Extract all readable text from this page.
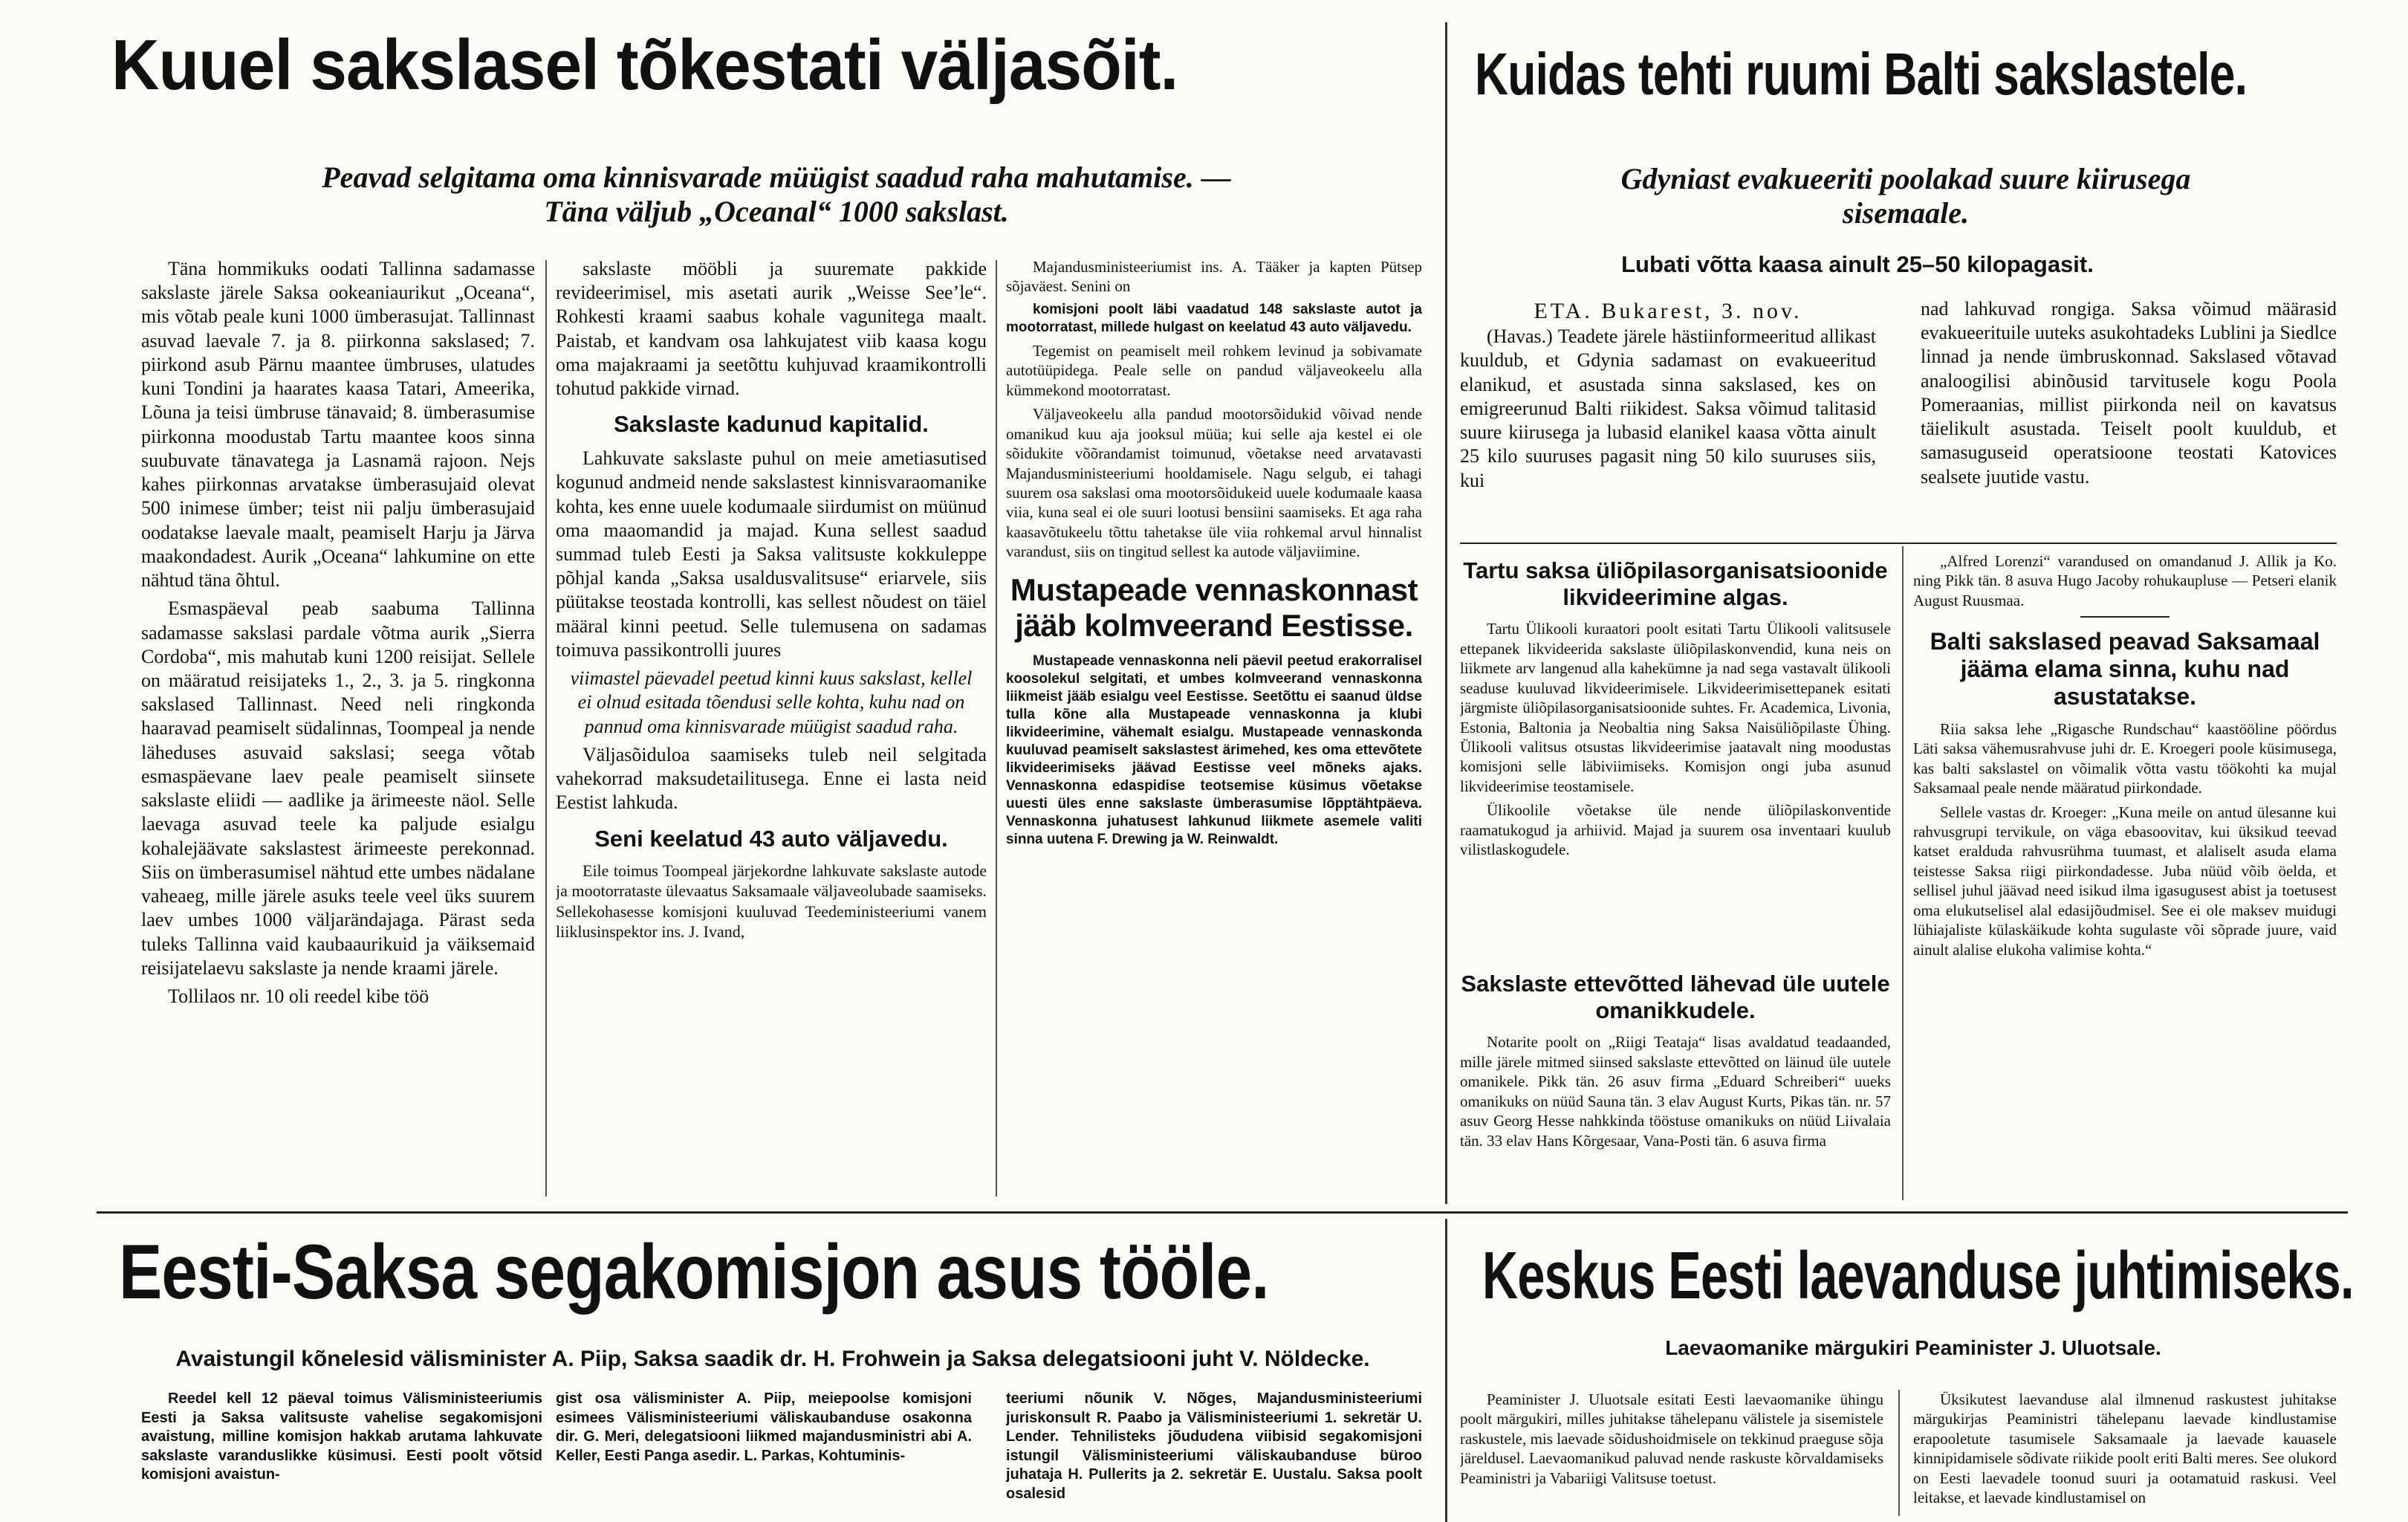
Kuuel sakslasel tõkestati väljasõit.
Peavad selgitama oma kinnisvarade müügist saadud raha mahutamise. —
Täna väljub „Oceanal“ 1000 sakslast.

Täna hommikuks oodati Tallinna sadamasse sakslaste järele Saksa ookeaniaurikut „Oceana“, mis võtab peale kuni 1000 ümberasujat. Tallinnast asuvad laevale 7. ja 8. piirkonna sakslased; 7. piirkond asub Pärnu maantee ümbruses, ulatudes kuni Tondini ja haarates kaasa Tatari, Ameerika, Lõuna ja teisi ümbruse tänavaid; 8. ümberasumise piirkonna moodustab Tartu maantee koos sinna suubuvate tänavatega ja Lasnamä rajoon. Nejs kahes piirkonnas arvatakse ümberasujaid olevat 500 inimese ümber; teist nii palju ümberasujaid oodatakse laevale maalt, peamiselt Harju ja Järva maakondadest. Aurik „Oceana“ lahkumine on ette nähtud täna õhtul.

Esmaspäeval peab saabuma Tallinna sadamasse sakslasi pardale võtma aurik „Sierra Cordoba“, mis mahutab kuni 1200 reisijat. Sellele on määratud reisijateks 1., 2., 3. ja 5. ringkonna sakslased Tallinnast. Need neli ringkonda haaravad peamiselt südalinnas, Toompeal ja nende läheduses asuvaid sakslasi; seega võtab esmaspäevane laev peale peamiselt siinsete sakslaste eliidi — aadlike ja ärimeeste näol. Selle laevaga asuvad teele ka paljude esialgu kohalejäävate sakslastest ärimeeste perekonnad. Siis on ümberasumisel nähtud ette umbes nädalane vaheaeg, mille järele asuks teele veel üks suurem laev umbes 1000 väljarändajaga. Pärast seda tuleks Tallinna vaid kaubaaurikuid ja väiksemaid reisijatelaevu sakslaste ja nende kraami järele.

Tollilaos nr. 10 oli reedel kibe töö

sakslaste mööbli ja suuremate pakkide revideerimisel, mis asetati aurik „Weisse See’le“. Rohkesti kraami saabus kohale vagunitega maalt. Paistab, et kandvam osa lahkujatest viib kaasa kogu oma majakraami ja seetõttu kuhjuvad kraamikontrolli tohutud pakkide virnad.

Sakslaste kadunud kapitalid.

Lahkuvate sakslaste puhul on meie ametiasutised kogunud andmeid nende sakslastest kinnisvaraomanike kohta, kes enne uuele kodumaale siirdumist on müünud oma maaomandid ja majad. Kuna sellest saadud summad tuleb Eesti ja Saksa valitsuste kokkuleppe põhjal kanda „Saksa usaldusvalitsuse“ eriarvele, siis püütakse teostada kontrolli, kas sellest nõudest on täiel määral kinni peetud. Selle tulemusena on sadamas toimuva passikontrolli juures

viimastel päevadel peetud kinni kuus sakslast, kellel ei olnud esitada tõendusi selle kohta, kuhu nad on pannud oma kinnisvarade müügist saadud raha.

Väljasõiduloa saamiseks tuleb neil selgitada vahekorrad maksudetailitusega. Enne ei lasta neid Eestist lahkuda.

Seni keelatud 43 auto väljavedu.

Eile toimus Toompeal järjekordne lahkuvate sakslaste autode ja mootorrataste ülevaatus Saksamaale väljaveolubade saamiseks. Sellekohasesse komisjoni kuuluvad Teedeministeeriumi vanem liiklusinspektor ins. J. Ivand,

Majandusministeeriumist ins. A. Tääker ja kapten Pütsep sõjaväest. Senini on

komisjoni poolt läbi vaadatud 148 sakslaste autot ja mootorratast, millede hulgast on keelatud 43 auto väljavedu.

Tegemist on peamiselt meil rohkem levinud ja sobivamate autotüüpidega. Peale selle on pandud väljaveokeelu alla kümmekond mootorratast.

Väljaveokeelu alla pandud mootorsõidukid võivad nende omanikud kuu aja jooksul müüa; kui selle aja kestel ei ole sõidukite võõrandamist toimunud, võetakse need arvatavasti Majandusministeeriumi hooldamisele. Nagu selgub, ei tahagi suurem osa sakslasi oma mootorsõidukeid uuele kodumaale kaasa viia, kuna seal ei ole suuri lootusi bensiini saamiseks. Et aga raha kaasavõtukeelu tõttu tahetakse üle viia rohkemal arvul hinnalist varandust, siis on tingitud sellest ka autode väljaviimine.

Mustapeade vennaskonnast jääb kolmveerand Eestisse.

Mustapeade vennaskonna neli päevil peetud erakorralisel koosolekul selgitati, et umbes kolmveerand vennaskonna liikmeist jääb esialgu veel Eestisse. Seetõttu ei saanud üldse tulla kõne alla Mustapeade vennaskonna ja klubi likvideerimine, vähemalt esialgu. Mustapeade vennaskonda kuuluvad peamiselt sakslastest ärimehed, kes oma ettevõtete likvideerimiseks jäävad Eestisse veel mõneks ajaks. Vennaskonna edaspidise teotsemise küsimus võetakse uuesti üles enne sakslaste ümberasumise lõpptähtpäeva. Vennaskonna juhatusest lahkunud liikmete asemele valiti sinna uutena F. Drewing ja W. Reinwaldt.

Kuidas tehti ruumi Balti sakslastele.
Gdyniast evakueeriti poolakad suure kiirusega
sisemaale.
Lubati võtta kaasa ainult 25–50 kilopagasit.
ETA. Bukarest, 3. nov.

(Havas.) Teadete järele hästiinformeeritud allikast kuuldub, et Gdynia sadamast on evakueeritud elanikud, et asustada sinna sakslased, kes on emigreerunud Balti riikidest. Saksa võimud talitasid suure kiirusega ja lubasid elanikel kaasa võtta ainult 25 kilo suuruses pagasit ning 50 kilo suuruses siis, kui

nad lahkuvad rongiga. Saksa võimud määrasid evakueerituile uuteks asukohtadeks Lublini ja Siedlce linnad ja nende ümbruskonnad. Sakslased võtavad analoogilisi abinõusid tarvitusele kogu Poola Pomeraanias, millist piirkonda neil on kavatsus täielikult asustada. Teiselt poolt kuuldub, et samasuguseid operatsioone teostati Katovices sealsete juutide vastu.

Tartu saksa üliõpilasorganisatsioonide likvideerimine algas.

Tartu Ülikooli kuraatori poolt esitati Tartu Ülikooli valitsusele ettepanek likvideerida sakslaste üliõpilaskonvendid, kuna neis on liikmete arv langenud alla kahekümne ja nad sega vastavalt ülikooli seaduse kuuluvad likvideerimisele. Likvideerimisettepanek esitati järgmiste üliõpilasorganisatsioonide suhtes. Fr. Academica, Livonia, Estonia, Baltonia ja Neobaltia ning Saksa Naisüliõpilaste Ühing. Ülikooli valitsus otsustas likvideerimise jaatavalt ning moodustas komisjoni selle läbiviimiseks. Komisjon ongi juba asunud likvideerimise teostamisele.

Ülikoolile võetakse üle nende üliõpilaskonventide raamatukogud ja arhiivid. Majad ja suurem osa inventaari kuulub vilistlaskogudele.

Sakslaste ettevõtted lähevad üle uutele omanikkudele.

Notarite poolt on „Riigi Teataja“ lisas avaldatud teadaanded, mille järele mitmed siinsed sakslaste ettevõtted on läinud üle uutele omanikele. Pikk tän. 26 asuv firma „Eduard Schreiberi“ uueks omanikuks on nüüd Sauna tän. 3 elav August Kurts, Pikas tän. nr. 57 asuv Georg Hesse nahkkinda tööstuse omanikuks on nüüd Liivalaia tän. 33 elav Hans Kõrgesaar, Vana-Posti tän. 6 asuva firma

„Alfred Lorenzi“ varandused on omandanud J. Allik ja Ko. ning Pikk tän. 8 asuva Hugo Jacoby rohukaupluse — Petseri elanik August Ruusmaa.

Balti sakslased peavad Saksamaal jääma elama sinna, kuhu nad asustatakse.

Riia saksa lehe „Rigasche Rundschau“ kaastööline pöördus Läti saksa vähemusrahvuse juhi dr. E. Kroegeri poole küsimusega, kas balti sakslastel on võimalik võtta vastu töökohti ka mujal Saksamaal peale nende määratud piirkondade.

Sellele vastas dr. Kroeger: „Kuna meile on antud ülesanne kui rahvusgrupi tervikule, on väga ebasoovitav, kui üksikud teevad katset eralduda rahvusrühma tuumast, et alaliselt asuda elama teistesse Saksa riigi piirkondadesse. Juba nüüd võib öelda, et sellisel juhul jäävad need isikud ilma igasugusest abist ja toetusest oma elukutselisel alal edasijõudmisel. See ei ole maksev muidugi lühiajaliste külaskäikude kohta sugulaste või sõprade juure, vaid ainult alalise elukoha valimise kohta.“

Eesti-Saksa segakomisjon asus tööle.
Avaistungil kõnelesid välisminister A. Piip, Saksa saadik dr. H. Frohwein ja Saksa delegatsiooni juht V. Nöldecke.

Reedel kell 12 päeval toimus Välisministeeriumis Eesti ja Saksa valitsuste vahelise segakomisjoni avaistung, milline komisjon hakkab arutama lahkuvate sakslaste varanduslikke küsimusi. Eesti poolt võtsid komisjoni avaistun-

gist osa välisminister A. Piip, meiepoolse komisjoni esimees Välisministeeriumi väliskaubanduse osakonna dir. G. Meri, delegatsiooni liikmed majandusministri abi A. Keller, Eesti Panga asedir. L. Parkas, Kohtuminis-

teeriumi nõunik V. Nõges, Majandusministeeriumi juriskonsult R. Paabo ja Välisministeeriumi 1. sekretär U. Lender. Tehnilisteks jõududena viibisid segakomisjoni istungil Välisministeeriumi väliskaubanduse büroo juhataja H. Pullerits ja 2. sekretär E. Uustalu. Saksa poolt osalesid

Keskus Eesti laevanduse juhtimiseks.
Laevaomanike märgukiri Peaminister J. Uluotsale.

Peaminister J. Uluotsale esitati Eesti laevaomanike ühingu poolt märgukiri, milles juhitakse tähelepanu välistele ja sisemistele raskustele, mis laevade sõidushoidmisele on tekkinud praeguse sõja järeldusel. Laevaomanikud paluvad nende raskuste kõrvaldamiseks Peaministri ja Vabariigi Valitsuse toetust.

Üksikutest laevanduse alal ilmnenud raskustest juhitakse märgukirjas Peaministri tähelepanu laevade kindlustamise erapooletute tasumisele Saksamaale ja laevade kauasele kinnipidamisele sõdivate riikide poolt eriti Balti meres. See olukord on Eesti laevadele toonud suuri ja ootamatuid raskusi. Veel leitakse, et laevade kindlustamisel on
